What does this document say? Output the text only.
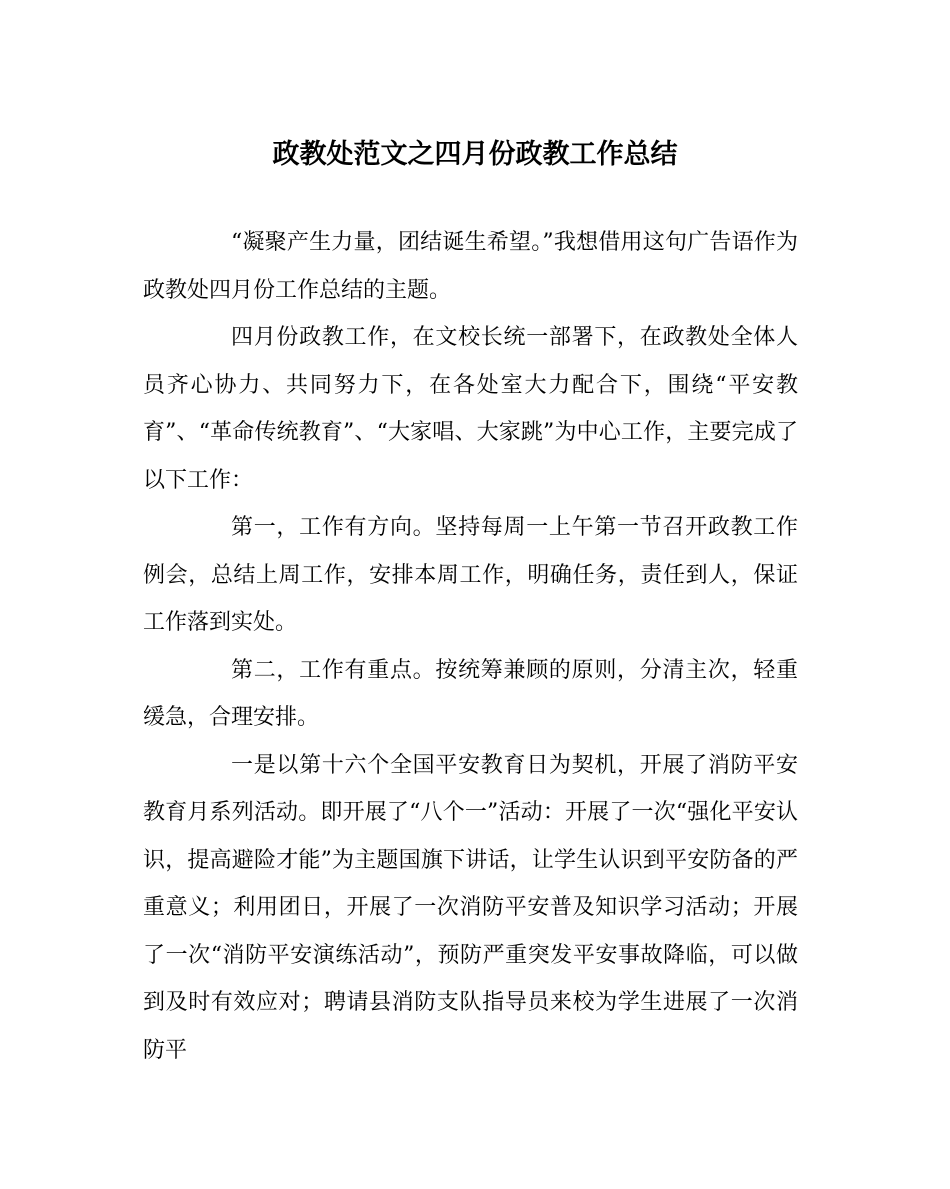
政教处范文之四月份政教工作总结

“凝聚产生力量，团结诞生希望。”我想借用这句广告语作为政教处四月份工作总结的主题。

四月份政教工作，在文校长统一部署下，在政教处全体人员齐心协力、共同努力下，在各处室大力配合下，围绕“平安教育”、“革命传统教育”、“大家唱、大家跳”为中心工作，主要完成了以下工作：

第一，工作有方向。坚持每周一上午第一节召开政教工作例会，总结上周工作，安排本周工作，明确任务，责任到人，保证工作落到实处。

第二，工作有重点。按统筹兼顾的原则，分清主次，轻重缓急，合理安排。

一是以第十六个全国平安教育日为契机，开展了消防平安教育月系列活动。即开展了“八个一”活动：开展了一次“强化平安认识，提高避险才能”为主题国旗下讲话，让学生认识到平安防备的严重意义；利用团日，开展了一次消防平安普及知识学习活动；开展了一次“消防平安演练活动”，预防严重突发平安事故降临，可以做到及时有效应对；聘请县消防支队指导员来校为学生进展了一次消防平
